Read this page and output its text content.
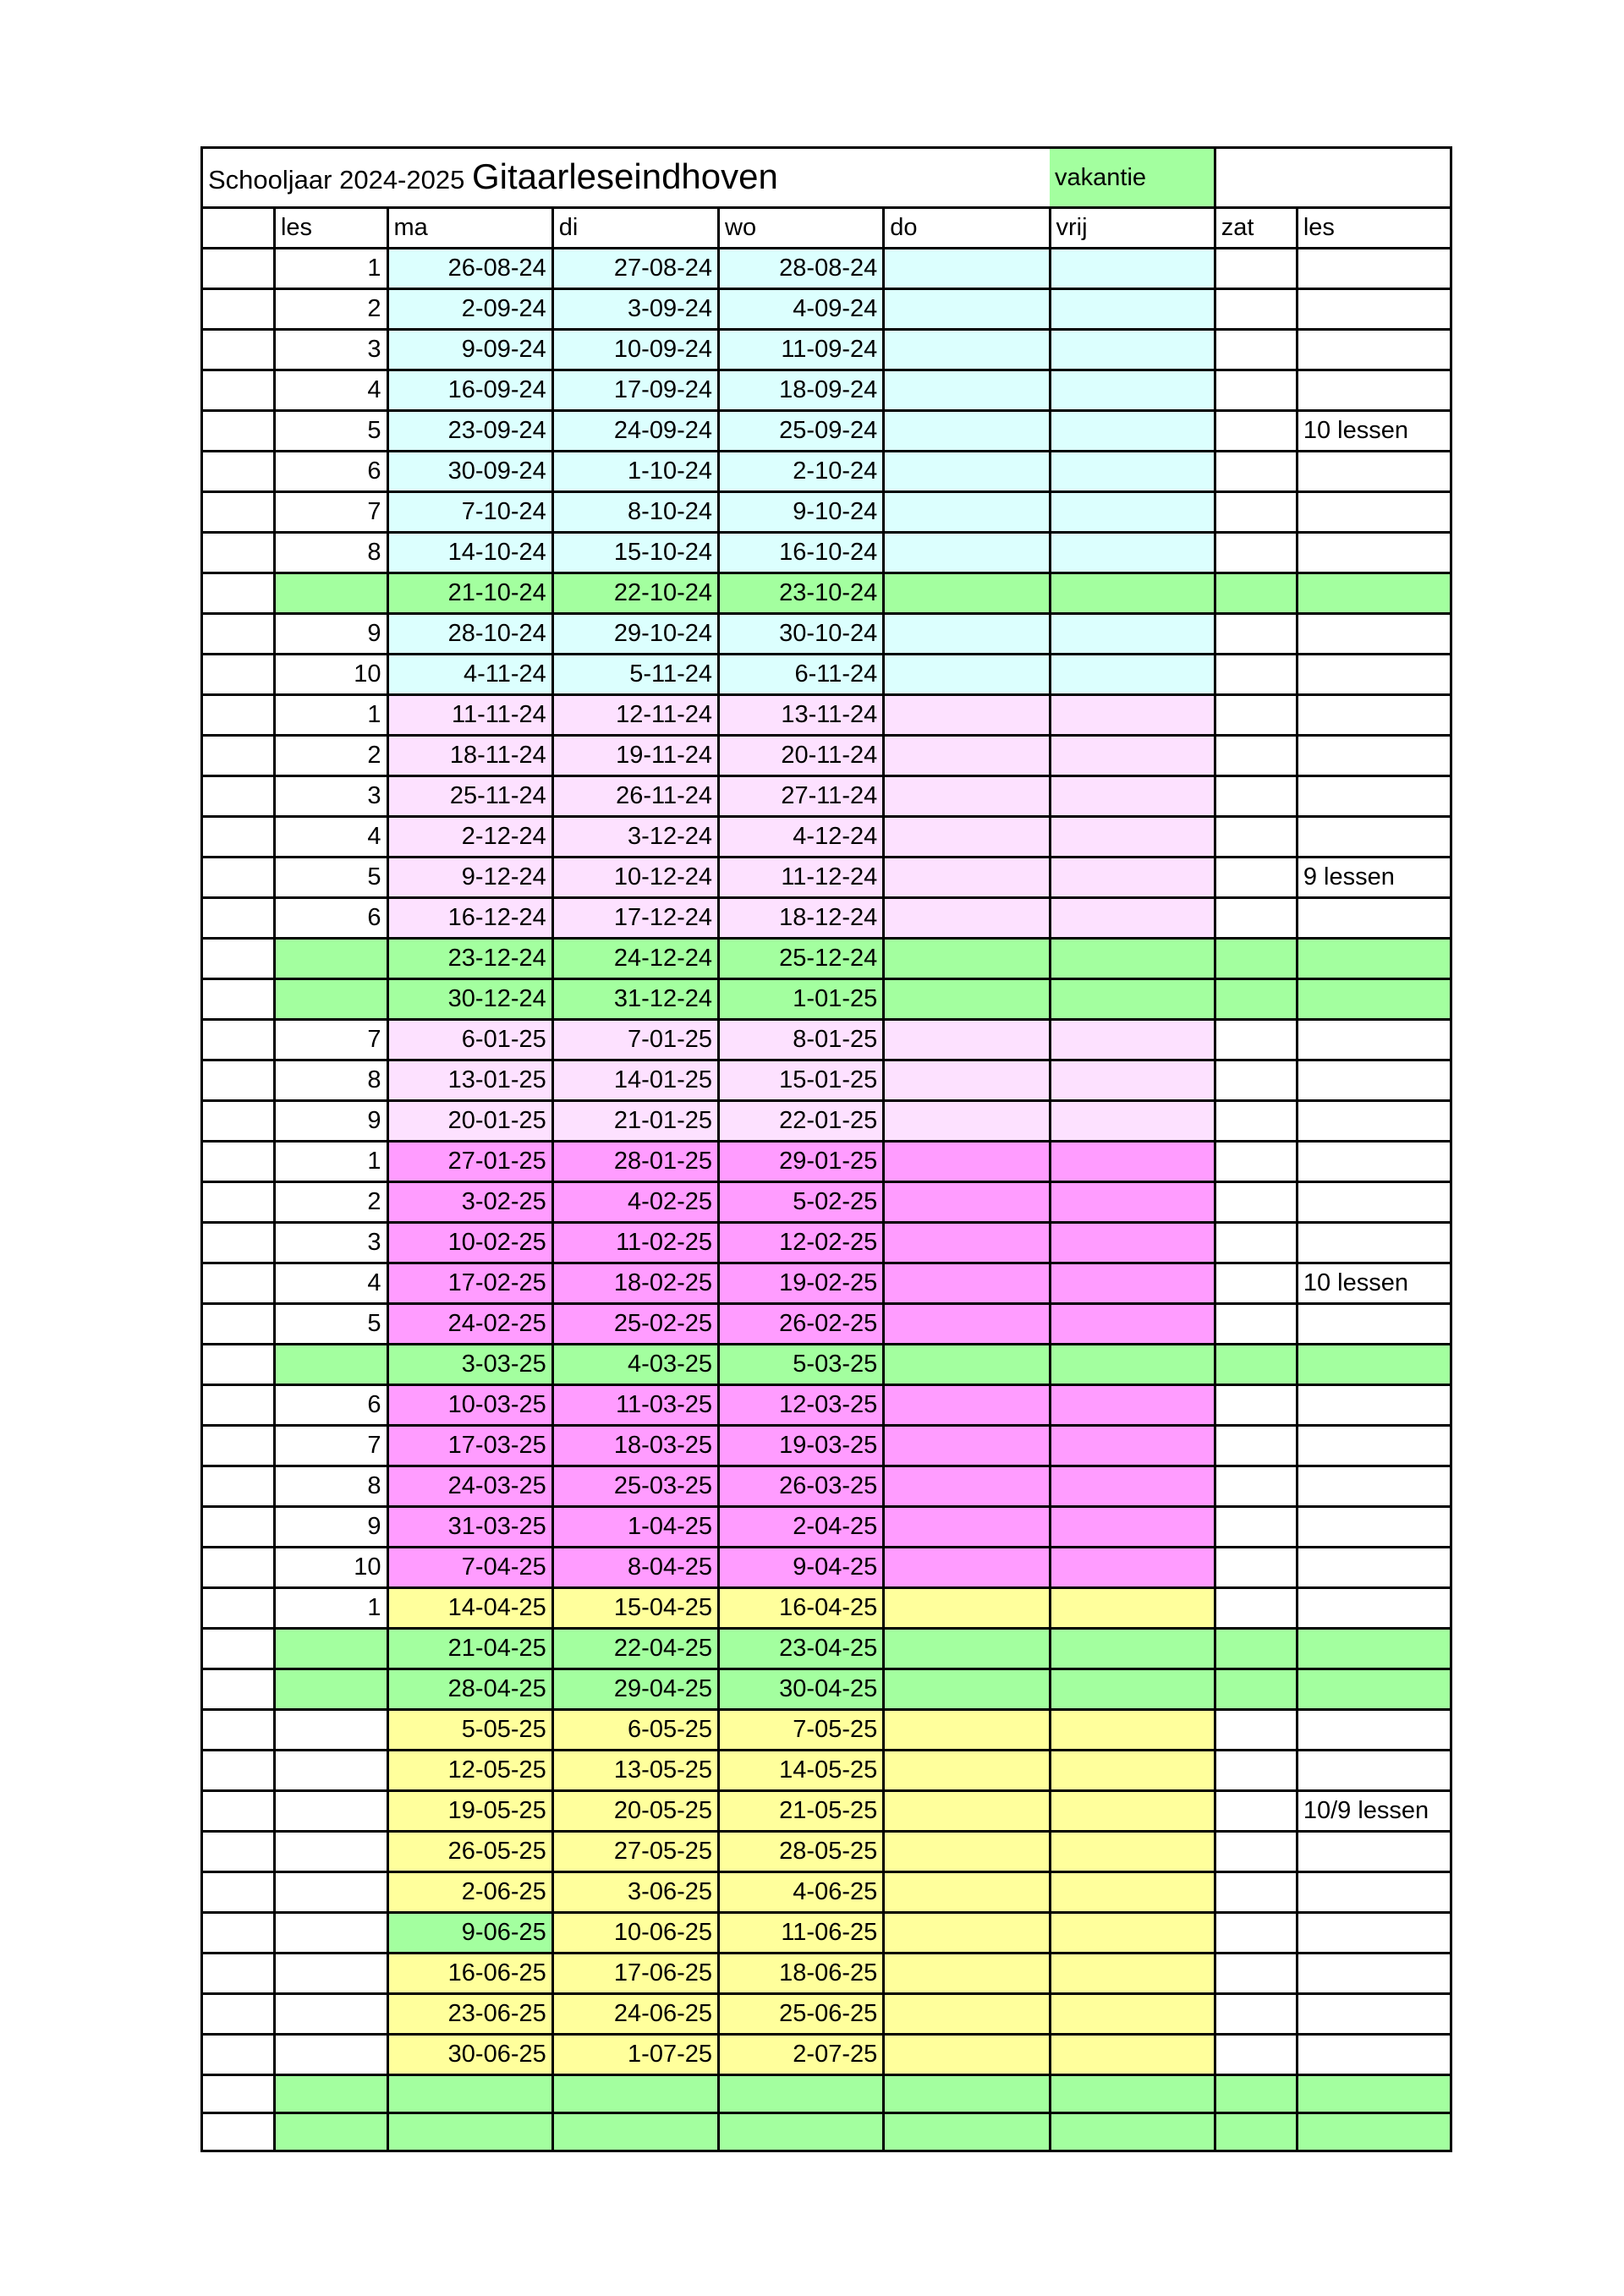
Schooljaar 2024-2025 Gitaarleseindhoven						vakantie		
	les	ma	di	wo	do	vrij	zat	les
	1	26-08-24	27-08-24	28-08-24				
	2	2-09-24	3-09-24	4-09-24				
	3	9-09-24	10-09-24	11-09-24				
	4	16-09-24	17-09-24	18-09-24				
	5	23-09-24	24-09-24	25-09-24				10 lessen
	6	30-09-24	1-10-24	2-10-24				
	7	7-10-24	8-10-24	9-10-24				
	8	14-10-24	15-10-24	16-10-24				
		21-10-24	22-10-24	23-10-24				
	9	28-10-24	29-10-24	30-10-24				
	10	4-11-24	5-11-24	6-11-24				
	1	11-11-24	12-11-24	13-11-24				
	2	18-11-24	19-11-24	20-11-24				
	3	25-11-24	26-11-24	27-11-24				
	4	2-12-24	3-12-24	4-12-24				
	5	9-12-24	10-12-24	11-12-24				9 lessen
	6	16-12-24	17-12-24	18-12-24				
		23-12-24	24-12-24	25-12-24				
		30-12-24	31-12-24	1-01-25				
	7	6-01-25	7-01-25	8-01-25				
	8	13-01-25	14-01-25	15-01-25				
	9	20-01-25	21-01-25	22-01-25				
	1	27-01-25	28-01-25	29-01-25				
	2	3-02-25	4-02-25	5-02-25				
	3	10-02-25	11-02-25	12-02-25				
	4	17-02-25	18-02-25	19-02-25				10 lessen
	5	24-02-25	25-02-25	26-02-25				
		3-03-25	4-03-25	5-03-25				
	6	10-03-25	11-03-25	12-03-25				
	7	17-03-25	18-03-25	19-03-25				
	8	24-03-25	25-03-25	26-03-25				
	9	31-03-25	1-04-25	2-04-25				
	10	7-04-25	8-04-25	9-04-25				
	1	14-04-25	15-04-25	16-04-25				
		21-04-25	22-04-25	23-04-25				
		28-04-25	29-04-25	30-04-25				
		5-05-25	6-05-25	7-05-25				
		12-05-25	13-05-25	14-05-25				
		19-05-25	20-05-25	21-05-25				10/9 lessen
		26-05-25	27-05-25	28-05-25				
		2-06-25	3-06-25	4-06-25				
		9-06-25	10-06-25	11-06-25				
		16-06-25	17-06-25	18-06-25				
		23-06-25	24-06-25	25-06-25				
		30-06-25	1-07-25	2-07-25				
